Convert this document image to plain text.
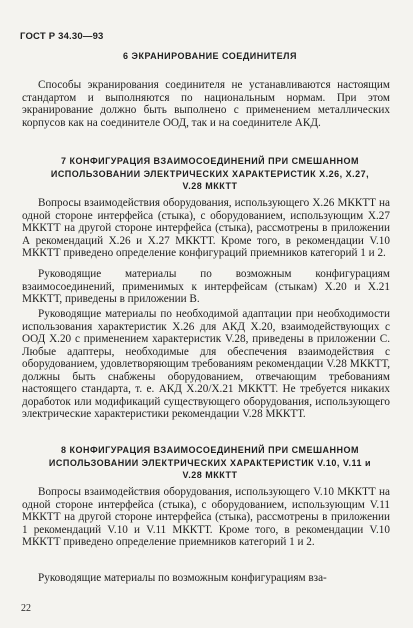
ГОСТ Р 34.30—93
6 ЭКРАНИРОВАНИЕ СОЕДИНИТЕЛЯ

Способы экранирования соединителя не устанавливаются настоящим стандартом и выполняются по национальным нормам. При этом экранирование должно быть выполнено с применением металлических корпусов как на соединителе ООД, так и на соединителе АКД.

7 КОНФИГУРАЦИЯ ВЗАИМОСОЕДИНЕНИЙ ПРИ СМЕШАННОМ ИСПОЛЬЗОВАНИИ ЭЛЕКТРИЧЕСКИХ ХАРАКТЕРИСТИК Х.26, Х.27, V.28 МККТТ

Вопросы взаимодействия оборудования, использующего Х.26 МККТТ на одной стороне интерфейса (стыка), с оборудованием, использующим Х.27 МККТТ на другой стороне интерфейса (стыка), рассмотрены в приложении А рекомендаций Х.26 и Х.27 МККТТ. Кроме того, в рекомендации V.10 МККТТ приведено определение конфигураций приемников категорий 1 и 2.

Руководящие материалы по возможным конфигурациям взаимосоединений, применимых к интерфейсам (стыкам) Х.20 и Х.21 МККТТ, приведены в приложении В.

Руководящие материалы по необходимой адаптации при необходимости использования характеристик Х.26 для АКД Х.20, взаимодействующих с ООД Х.20 с применением характеристик V.28, приведены в приложении С. Любые адаптеры, необходимые для обеспечения взаимодействия с оборудованием, удовлетворяющим требованиям рекомендации V.28 МККТТ, должны быть снабжены оборудованием, отвечающим требованиям настоящего стандарта, т. е. АКД Х.20/Х.21 МККТТ. Не требуется никаких доработок или модификаций существующего оборудования, использующего электрические характеристики рекомендации V.28 МККТТ.

8 КОНФИГУРАЦИЯ ВЗАИМОСОЕДИНЕНИЙ ПРИ СМЕШАННОМ ИСПОЛЬЗОВАНИИ ЭЛЕКТРИЧЕСКИХ ХАРАКТЕРИСТИК V.10, V.11 и V.28 МККТТ

Вопросы взаимодействия оборудования, использующего V.10 МККТТ на одной стороне интерфейса (стыка), с оборудованием, использующим V.11 МККТТ на другой стороне интерфейса (стыка), рассмотрены в приложении 1 рекомендаций V.10 и V.11 МККТТ. Кроме того, в рекомендации V.10 МККТТ приведено определение приемников категорий 1 и 2.

Руководящие материалы по возможным конфигурациям вза-

22
